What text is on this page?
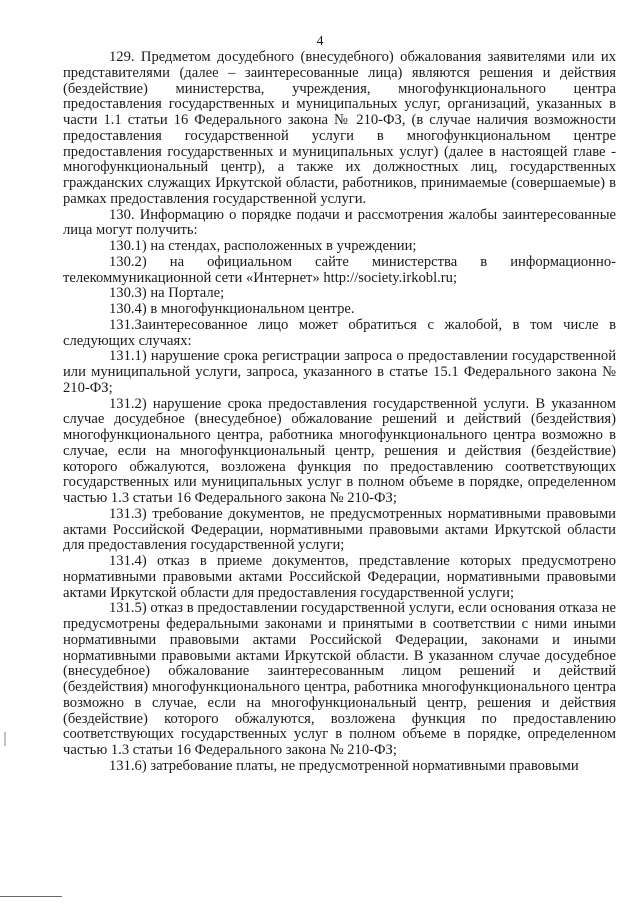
4

129. Предметом досудебного (внесудебного) обжалования заявителями или их представителями (далее – заинтересованные лица) являются решения и действия (бездействие) министерства, учреждения, многофункционального центра предоставления государственных и муниципальных услуг, организаций, указанных в части 1.1 статьи 16 Федерального закона № 210-ФЗ, (в случае наличия возможности предоставления государственной услуги в многофункциональном центре предоставления государственных и муниципальных услуг) (далее в настоящей главе - многофункциональный центр), а также их должностных лиц, государственных гражданских служащих Иркутской области, работников, принимаемые (совершаемые) в рамках предоставления государственной услуги.

130. Информацию о порядке подачи и рассмотрения жалобы заинтересованные лица могут получить:

130.1) на стендах, расположенных в учреждении;

130.2) на официальном сайте министерства в информационно-телекоммуникационной сети «Интернет» http://society.irkobl.ru;

130.3) на Портале;

130.4) в многофункциональном центре.

131.Заинтересованное лицо может обратиться с жалобой, в том числе в следующих случаях:

131.1) нарушение срока регистрации запроса о предоставлении государственной или муниципальной услуги, запроса, указанного в статье 15.1 Федерального закона № 210-ФЗ;

131.2) нарушение срока предоставления государственной услуги. В указанном случае досудебное (внесудебное) обжалование решений и действий (бездействия) многофункционального центра, работника многофункционального центра возможно в случае, если на многофункциональный центр, решения и действия (бездействие) которого обжалуются, возложена функция по предоставлению соответствующих государственных или муниципальных услуг в полном объеме в порядке, определенном частью 1.3 статьи 16 Федерального закона № 210-ФЗ;

131.3) требование документов, не предусмотренных нормативными правовыми актами Российской Федерации, нормативными правовыми актами Иркутской области для предоставления государственной услуги;

131.4) отказ в приеме документов, представление которых предусмотрено нормативными правовыми актами Российской Федерации, нормативными правовыми актами Иркутской области для предоставления государственной услуги;

131.5) отказ в предоставлении государственной услуги, если основания отказа не предусмотрены федеральными законами и принятыми в соответствии с ними иными нормативными правовыми актами Российской Федерации, законами и иными нормативными правовыми актами Иркутской области. В указанном случае досудебное (внесудебное) обжалование заинтересованным лицом решений и действий (бездействия) многофункционального центра, работника многофункционального центра возможно в случае, если на многофункциональный центр, решения и действия (бездействие) которого обжалуются, возложена функция по предоставлению соответствующих государственных услуг в полном объеме в порядке, определенном частью 1.3 статьи 16 Федерального закона № 210-ФЗ;

131.6) затребование платы, не предусмотренной нормативными правовыми
